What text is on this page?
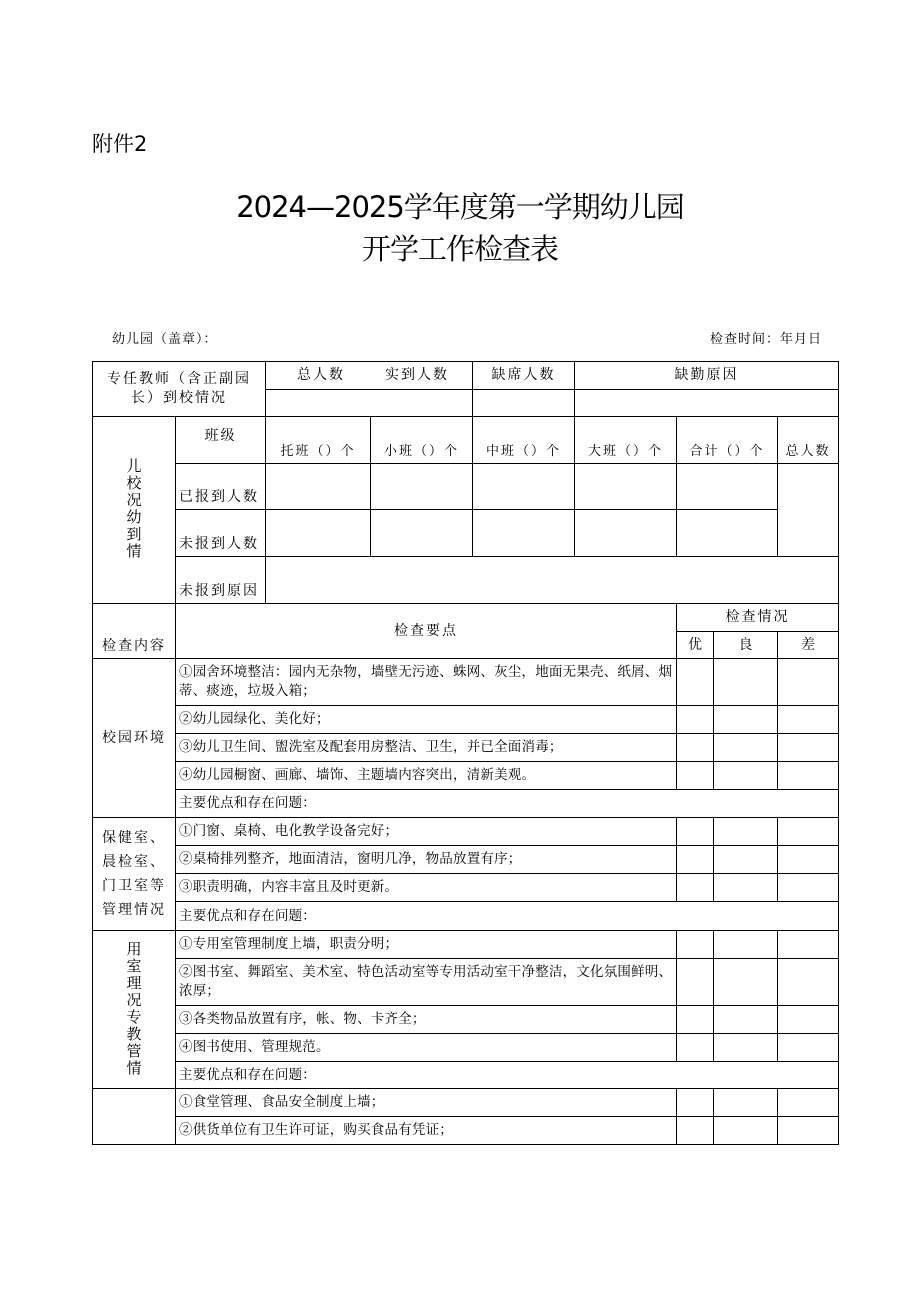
附件2
2024—2025学年度第一学期幼儿园
开学工作检查表
幼儿园（盖章）：	检查时间：年月日
专任教师（含正副园长）到校情况		总人数 实到人数		缺席人数	缺勤原因			

儿校况幼到情	班级	托班（）个	小班（）个	中班（）个	大班（）个	合计（）个		总人数
	已报到人数							
	未报到人数							
	未报到原因							
检查内容	检查要点					检查情况		
						优	良	差
校园环境	①园舍环境整洁：园内无杂物，墙壁无污迹、蛛网、灰尘，地面无果壳、纸屑、烟蒂、痰迹，垃圾入箱；							
	②幼儿园绿化、美化好；							
	③幼儿卫生间、盥洗室及配套用房整洁、卫生，并已全面消毒；							
	④幼儿园橱窗、画廊、墙饰、主题墙内容突出，清新美观。							
	主要优点和存在问题：							
保健室、晨检室、门卫室等管理情况	①门窗、桌椅、电化教学设备完好；							
	②桌椅排列整齐，地面清洁，窗明几净，物品放置有序；							
	③职责明确，内容丰富且及时更新。							
	主要优点和存在问题：							
用室理况专教管情	①专用室管理制度上墙，职责分明；							
	②图书室、舞蹈室、美术室、特色活动室等专用活动室干净整洁，文化氛围鲜明、浓厚；							
	③各类物品放置有序，帐、物、卡齐全；							
	④图书使用、管理规范。							
	主要优点和存在问题：							
	①食堂管理、食品安全制度上墙；							
	②供货单位有卫生许可证，购买食品有凭证；							
